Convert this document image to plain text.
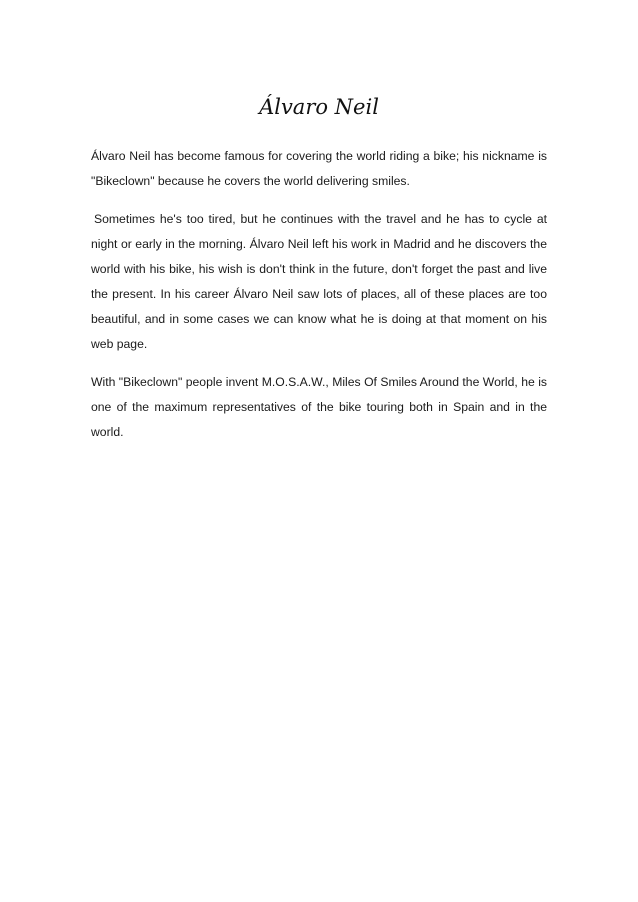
Álvaro Neil

Álvaro Neil has become famous for covering the world riding a bike; his nickname is "Bikeclown" because he covers the world delivering smiles.

Sometimes he's too tired, but he continues with the travel and he has to cycle at night or early in the morning. Álvaro Neil left his work in Madrid and he discovers the world with his bike, his wish is don't think in the future, don't forget the past and live the present. In his career Álvaro Neil saw lots of places, all of these places are too beautiful, and in some cases we can know what he is doing at that moment on his web page.

With "Bikeclown" people invent M.O.S.A.W., Miles Of Smiles Around the World, he is one of the maximum representatives of the bike touring both in Spain and in the world.
